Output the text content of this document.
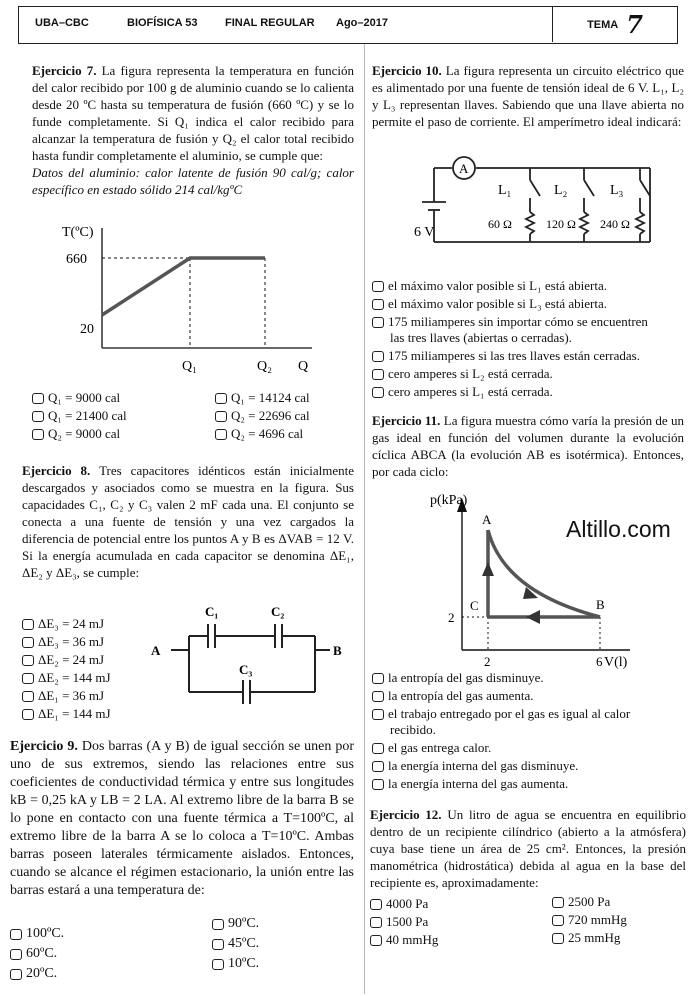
UBA–CBC	BIOFÍSICA 53	FINAL REGULAR Ago–2017	TEMA 7

Ejercicio 7. La figura representa la temperatura en función del calor recibido por 100 g de aluminio cuando se lo calienta desde 20 ºC hasta su temperatura de fusión (660 ºC) y se lo funde completamente. Si Q₁ indica el calor recibido para alcanzar la temperatura de fusión y Q₂ el calor total recibido hasta fundir completamente el aluminio, se cumple que:

Datos del aluminio: calor latente de fusión 90 cal/g; calor específico en estado sólido 214 cal/kgºC

T(ºC)
660
20
Q₁	Q₂ Q
Q₁ = 9000 cal	Q₁ = 14124 cal
Q₁ = 21400 cal	Q₂ = 22696 cal
Q₂ = 9000 cal	Q₂ = 4696 cal

Ejercicio 8. Tres capacitores idénticos están inicialmente descargados y asociados como se muestra en la figura. Sus capacidades C₁, C₂ y C₃ valen 2 mF cada una. El conjunto se conecta a una fuente de tensión y una vez cargados la diferencia de potencial entre los puntos A y B es ΔVAB = 12 V. Si la energía acumulada en cada capacitor se denomina ΔE₁, ΔE₂ y ΔE₃, se cumple:

ΔE₃ = 24 mJ
ΔE₃ = 36 mJ
ΔE₂ = 24 mJ
ΔE₂ = 144 mJ
ΔE₁ = 36 mJ
ΔE₁ = 144 mJ
A	B
C₁	C₂
C₃

Ejercicio 9. Dos barras (A y B) de igual sección se unen por uno de sus extremos, siendo las relaciones entre sus coeficientes de conductividad térmica y entre sus longitudes kB = 0,25 kA y LB = 2 LA. Al extremo libre de la barra B se lo pone en contacto con una fuente térmica a T=100ºC, al extremo libre de la barra A se lo coloca a T=10ºC. Ambas barras poseen laterales térmicamente aislados. Entonces, cuando se alcance el régimen estacionario, la unión entre las barras estará a una temperatura de:

100ºC.
90ºC.
60ºC.
45ºC.
20ºC.
10ºC.

Ejercicio 10. La figura representa un circuito eléctrico que es alimentado por una fuente de tensión ideal de 6 V. L₁, L₂ y L₃ representan llaves. Sabiendo que una llave abierta no permite el paso de corriente. El amperímetro ideal indicará:

A
6 V
L₁	L₂	L₃
60 Ω	120 Ω 240 Ω
el máximo valor posible si L₁ está abierta.
el máximo valor posible si L₃ está abierta.
175 miliamperes sin importar cómo se encuentren
las tres llaves (abiertas o cerradas).
175 miliamperes si las tres llaves están cerradas.
cero amperes si L₂ está cerrada.
cero amperes si L₁ está cerrada.

Ejercicio 11. La figura muestra cómo varía la presión de un gas ideal en función del volumen durante la evolución cíclica ABCA (la evolución AB es isotérmica). Entonces, por cada ciclo:

p(kPa)
V(l)
A
B
C
2
2	6
Altillo.com
la entropía del gas disminuye.
la entropía del gas aumenta.
el trabajo entregado por el gas es igual al calor
recibido.
el gas entrega calor.
la energía interna del gas disminuye.
la energía interna del gas aumenta.

Ejercicio 12. Un litro de agua se encuentra en equilibrio dentro de un recipiente cilíndrico (abierto a la atmósfera) cuya base tiene un área de 25 cm². Entonces, la presión manométrica (hidrostática) debida al agua en la base del recipiente es, aproximadamente:

4000 Pa	2500 Pa
1500 Pa	720 mmHg
40 mmHg	25 mmHg
